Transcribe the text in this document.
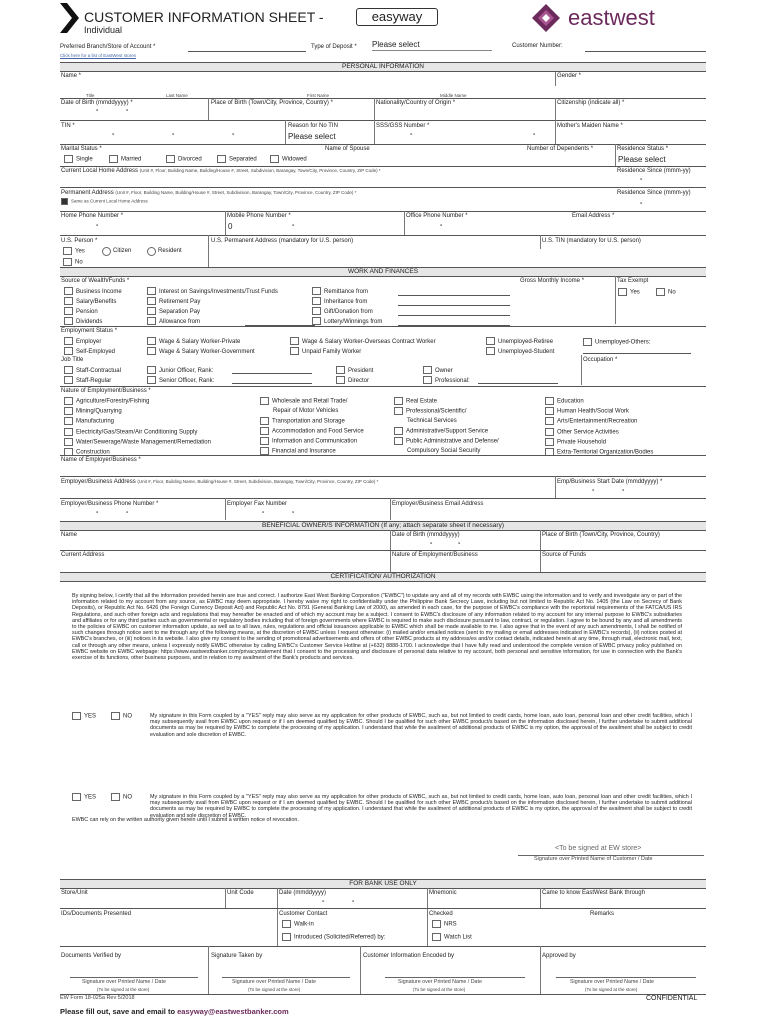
CUSTOMER INFORMATION SHEET -	easyway
Individual	eastwest
Preferred Branch/Store of Account *	Type of Deposit * Please select	Customer Number:
Click here for a list of EastWest stores
PERSONAL INFORMATION
Name *	Gender *
Title	Last Name	First Name	Middle Name
Date of Birth (mmddyyyy) *	Place of Birth (Town/City, Province, Country) *	Nationality/Country of Origin *	Citizenship (indicate all) *
-	-
TIN *	Reason for No TIN
Please select
SSS/GSS Number *	Mother's Maiden Name *
-	-	-	-	-
Marital Status *	Name of Spouse	Number of Dependents *	Residence Status *
Please select
Single	Married	Divorced	Separated	Widowed
Current Local Home Address (Unit #, Floor, Building Name, Building/House #, Street, Subdivision, Barangay, Town/City, Province, Country, ZIP Code) *	Residence Since (mmm-yy)
-
Permanent Address (Unit #, Floor, Building Name, Building/House #, Street, Subdivision, Barangay, Town/City, Province, Country, ZIP Code) *	Residence Since (mmm-yy)
Same as Current Local Home Address	-
Home Phone Number *	Mobile Phone Number *
0
Office Phone Number *	Email Address *
-	-	-
U.S. Person *	U.S. Permanent Address (mandatory for U.S. person)	U.S. TIN (mandatory for U.S. person)
Yes	Citizen	Resident
No
WORK AND FINANCES
Source of Wealth/Funds *	Gross Monthly Income *	Tax Exempt
Yes	No
Business Income
Salary/Benefits
Pension
Dividends
Interest on Savings/Investments/Trust Funds
Retirement Pay
Separation Pay
Allowance from
Remittance from
Inheritance from
Gift/Donation from
Lottery/Winnings from
Employment Status *
Employer
Self-Employed
Wage & Salary Worker-Private
Wage & Salary Worker-Government
Wage & Salary Worker-Overseas Contract Worker
Unpaid Family Worker
Unemployed-Retiree
Unemployed-Student
Unemployed-Others:
Job Title	Occupation *
Staff-Contractual
Staff-Regular
Junior Officer, Rank:
Senior Officer, Rank:
President
Director
Owner
Professional:
Nature of Employment/Business *
Agriculture/Forestry/Fishing
Mining/Quarrying
Manufacturing
Electricity/Gas/Steam/Air Conditioning Supply
Water/Sewerage/Waste Management/Remediation
Construction
Wholesale and Retail Trade/
Repair of Motor Vehicles
Transportation and Storage
Accommodation and Food Service
Information and Communication
Financial and Insurance
Real Estate
Professional/Scientific/
Technical Services
Administrative/Support Service
Public Administrative and Defense/
Compulsory Social Security
Education
Human Health/Social Work
Arts/Entertainment/Recreation
Other Service Activities
Private Household
Extra-Territorial Organization/Bodies
Name of Employer/Business *
Employer/Business Address (Unit #, Floor, Building Name, Building/House #, Street, Subdivision, Barangay, Town/City, Province, Country, ZIP Code) *	Emp/Business Start Date (mmddyyyy) *
-	-
Employer/Business Phone Number *	Employer Fax Number	Employer/Business Email Address
-	-	-	-
BENEFICIAL OWNER/S INFORMATION (If any; attach separate sheet if necessary)
Name	Date of Birth (mmddyyyy)	Place of Birth (Town/City, Province, Country)
-	-
Current Address	Nature of Employment/Business	Source of Funds
CERTIFICATION/ AUTHORIZATION
By signing below, I certify that all the information provided herein are true and correct. I authorize East West Banking Corporation ("EWBC") to update any and all of my records with EWBC using the information and to verify and investigate any or part of the information related to my account from any source, as EWBC may deem appropriate. I hereby waive my right to confidentiality under the Philippine Bank Secrecy Laws, including but not limited to Republic Act No. 1405 (the Law on Secrecy of Bank Deposits), or Republic Act No. 6426 (the Foreign Currency Deposit Act) and Republic Act No. 8791 (General Banking Law of 2000), as amended in each case, for the purpose of EWBC's compliance with the reportorial requirements of the FATCA/US IRS Regulations, and such other foreign acts and regulations that may hereafter be enacted and of which my account may be a subject. I consent to EWBC's disclosure of any information related to my account for any internal purpose to EWBC's subsidiaries and affiliates or for any third parties such as governmental or regulatory bodies including that of foreign governments where EWBC is required to make such disclosure pursuant to law, contract, or regulation. I agree to be bound by any and all amendments to the policies of EWBC on customer information update, as well as to all laws, rules, regulations and official issuances applicable to EWBC which shall be made available to me. I also agree that in the event of any such amendments, I shall be notified of such changes through notice sent to me through any of the following means, at the discretion of EWBC unless I request otherwise: (i) mailed and/or emailed notices (sent to my mailing or email addresses indicated in EWBC's records), (ii) notices posted at EWBC's branches, or (iii) notices in its website. I also give my consent to the sending of promotional advertisements and offers of other EWBC products at my address/es and/or contact details, indicated herein at any time, through mail, electronic mail, text, call or through any other means, unless I expressly notify EWBC otherwise by calling EWBC's Customer Service Hotline at (+632) 8888-1700. I acknowledge that I have fully read and understood the complete version of EWBC privacy policy published on EWBC website on EWBC webpage: https://www.eastwestbanker.com/privacystatement that I consent to the processing and disclosure of personal data relative to my account, both personal and sensitive information, for use in connection with the Bank's exercise of its functions, other business purposes, and in relation to my availment of the Bank's products and services.
YES	NO	My signature in this Form coupled by a "YES" reply may also serve as my application for other products of EWBC, such as, but not limited to credit cards, home loan, auto loan, personal loan and other credit facilities, which I may subsequently avail from EWBC upon request or if I am deemed qualified by EWBC. Should I be qualified for such other EWBC product/s based on the information disclosed herein, I further undertake to submit additional documents as may be required by EWBC to complete the processing of my application. I understand that while the availment of additional products of EWBC is my option, the approval of the availment shall be subject to credit evaluation and sole discretion of EWBC.
YES	NO	My signature in this Form coupled by a "YES" reply may also serve as my application for other products of EWBC, such as, but not limited to credit cards, home loan, auto loan, personal loan and other credit facilities, which I may subsequently avail from EWBC upon request or if I am deemed qualified by EWBC. Should I be qualified for such other EWBC product/s based on the information disclosed herein, I further undertake to submit additional documents as may be required by EWBC to complete the processing of my application. I understand that while the availment of additional products of EWBC is my option, the approval of the availment shall be subject to credit evaluation and sole discretion of EWBC.
EWBC can rely on the written authority given herein until I submit a written notice of revocation.
<To be signed at EW store>
Signature over Printed Name of Customer / Date
FOR BANK USE ONLY
Store/Unit	Unit Code	Date (mmddyyyy)	Mnemonic	Came to know EastWest Bank through
-	-
IDs/Documents Presented	Customer Contact
Walk-in
Introduced (Solicited/Referred) by:
Checked
NRS
Watch List
Remarks
Documents Verified by	Signature Taken by	Customer Information Encoded by	Approved by
Signature over Printed Name / Date
(To be signed at the store)
Signature over Printed Name / Date
(To be signed at the store)
Signature over Printed Name / Date
(To be signed at the store)
Signature over Printed Name / Date
(To be signed at the store)
EW Form 18-025a Rev 5/2018	CONFIDENTIAL
Please fill out, save and email to easyway@eastwestbanker.com
